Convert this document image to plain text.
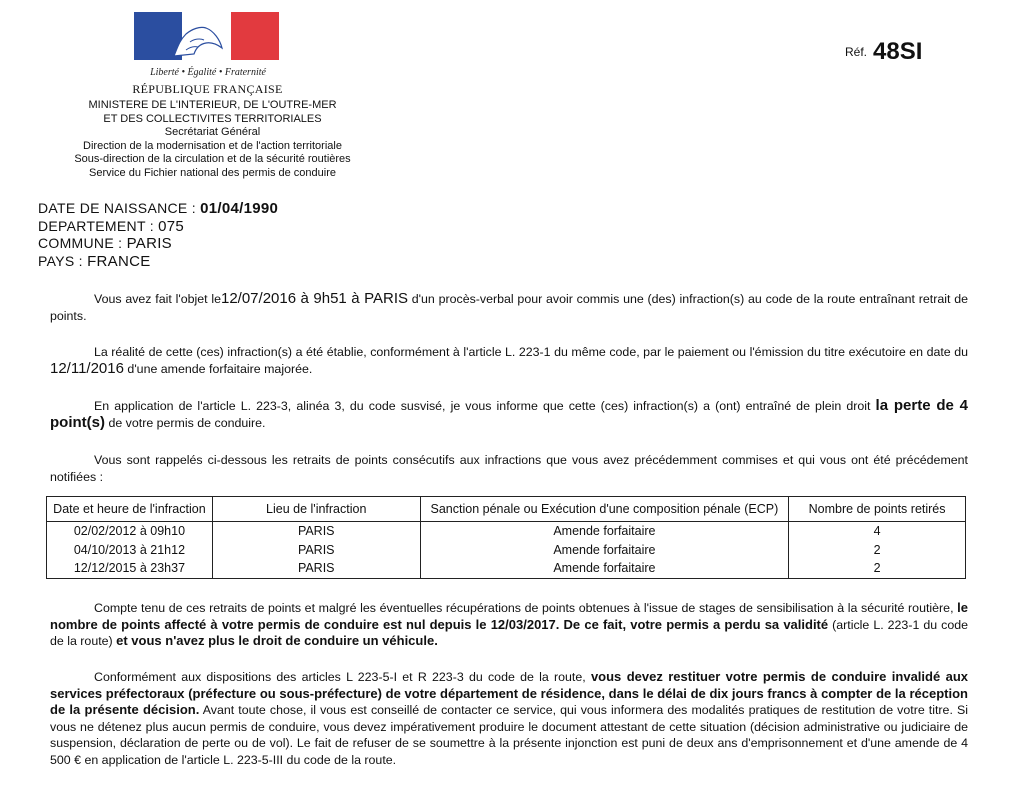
Liberté • Égalité • Fraternité
RÉPUBLIQUE FRANÇAISE
MINISTERE DE L'INTERIEUR, DE L'OUTRE-MER
ET DES COLLECTIVITES TERRITORIALES
Secrétariat Général
Direction de la modernisation et de l'action territoriale
Sous-direction de la circulation et de la sécurité routières
Service du Fichier national des permis de conduire
Réf. 48SI
DATE DE NAISSANCE : 01/04/1990
DEPARTEMENT : 075
COMMUNE : PARIS
PAYS : FRANCE
Vous avez fait l'objet le12/07/2016 à 9h51 à PARIS d'un procès-verbal pour avoir commis une (des) infraction(s) au code de la route entraînant retrait de points.
La réalité de cette (ces) infraction(s) a été établie, conformément à l'article L. 223-1 du même code, par le paiement ou l'émission du titre exécutoire en date du 12/11/2016 d'une amende forfaitaire majorée.
En application de l'article L. 223-3, alinéa 3, du code susvisé, je vous informe que cette (ces) infraction(s) a (ont) entraîné de plein droit la perte de 4 point(s) de votre permis de conduire.
Vous sont rappelés ci-dessous les retraits de points consécutifs aux infractions que vous avez précédemment commises et qui vous ont été précédement notifiées :
Date et heure de l'infraction	Lieu de l'infraction	Sanction pénale ou Exécution d'une composition pénale (ECP)	Nombre de points retirés
02/02/2012 à 09h10	PARIS	Amende forfaitaire	4
04/10/2013 à 21h12	PARIS	Amende forfaitaire	2
12/12/2015 à 23h37	PARIS	Amende forfaitaire	2
Compte tenu de ces retraits de points et malgré les éventuelles récupérations de points obtenues à l'issue de stages de sensibilisation à la sécurité routière, le nombre de points affecté à votre permis de conduire est nul depuis le 12/03/2017. De ce fait, votre permis a perdu sa validité (article L. 223-1 du code de la route) et vous n'avez plus le droit de conduire un véhicule.
Conformément aux dispositions des articles L 223-5-I et R 223-3 du code de la route, vous devez restituer votre permis de conduire invalidé aux services préfectoraux (préfecture ou sous-préfecture) de votre département de résidence, dans le délai de dix jours francs à compter de la réception de la présente décision. Avant toute chose, il vous est conseillé de contacter ce service, qui vous informera des modalités pratiques de restitution de votre titre. Si vous ne détenez plus aucun permis de conduire, vous devez impérativement produire le document attestant de cette situation (décision administrative ou judiciaire de suspension, déclaration de perte ou de vol). Le fait de refuser de se soumettre à la présente injonction est puni de deux ans d'emprisonnement et d'une amende de 4 500 € en application de l'article L. 223-5-III du code de la route.
